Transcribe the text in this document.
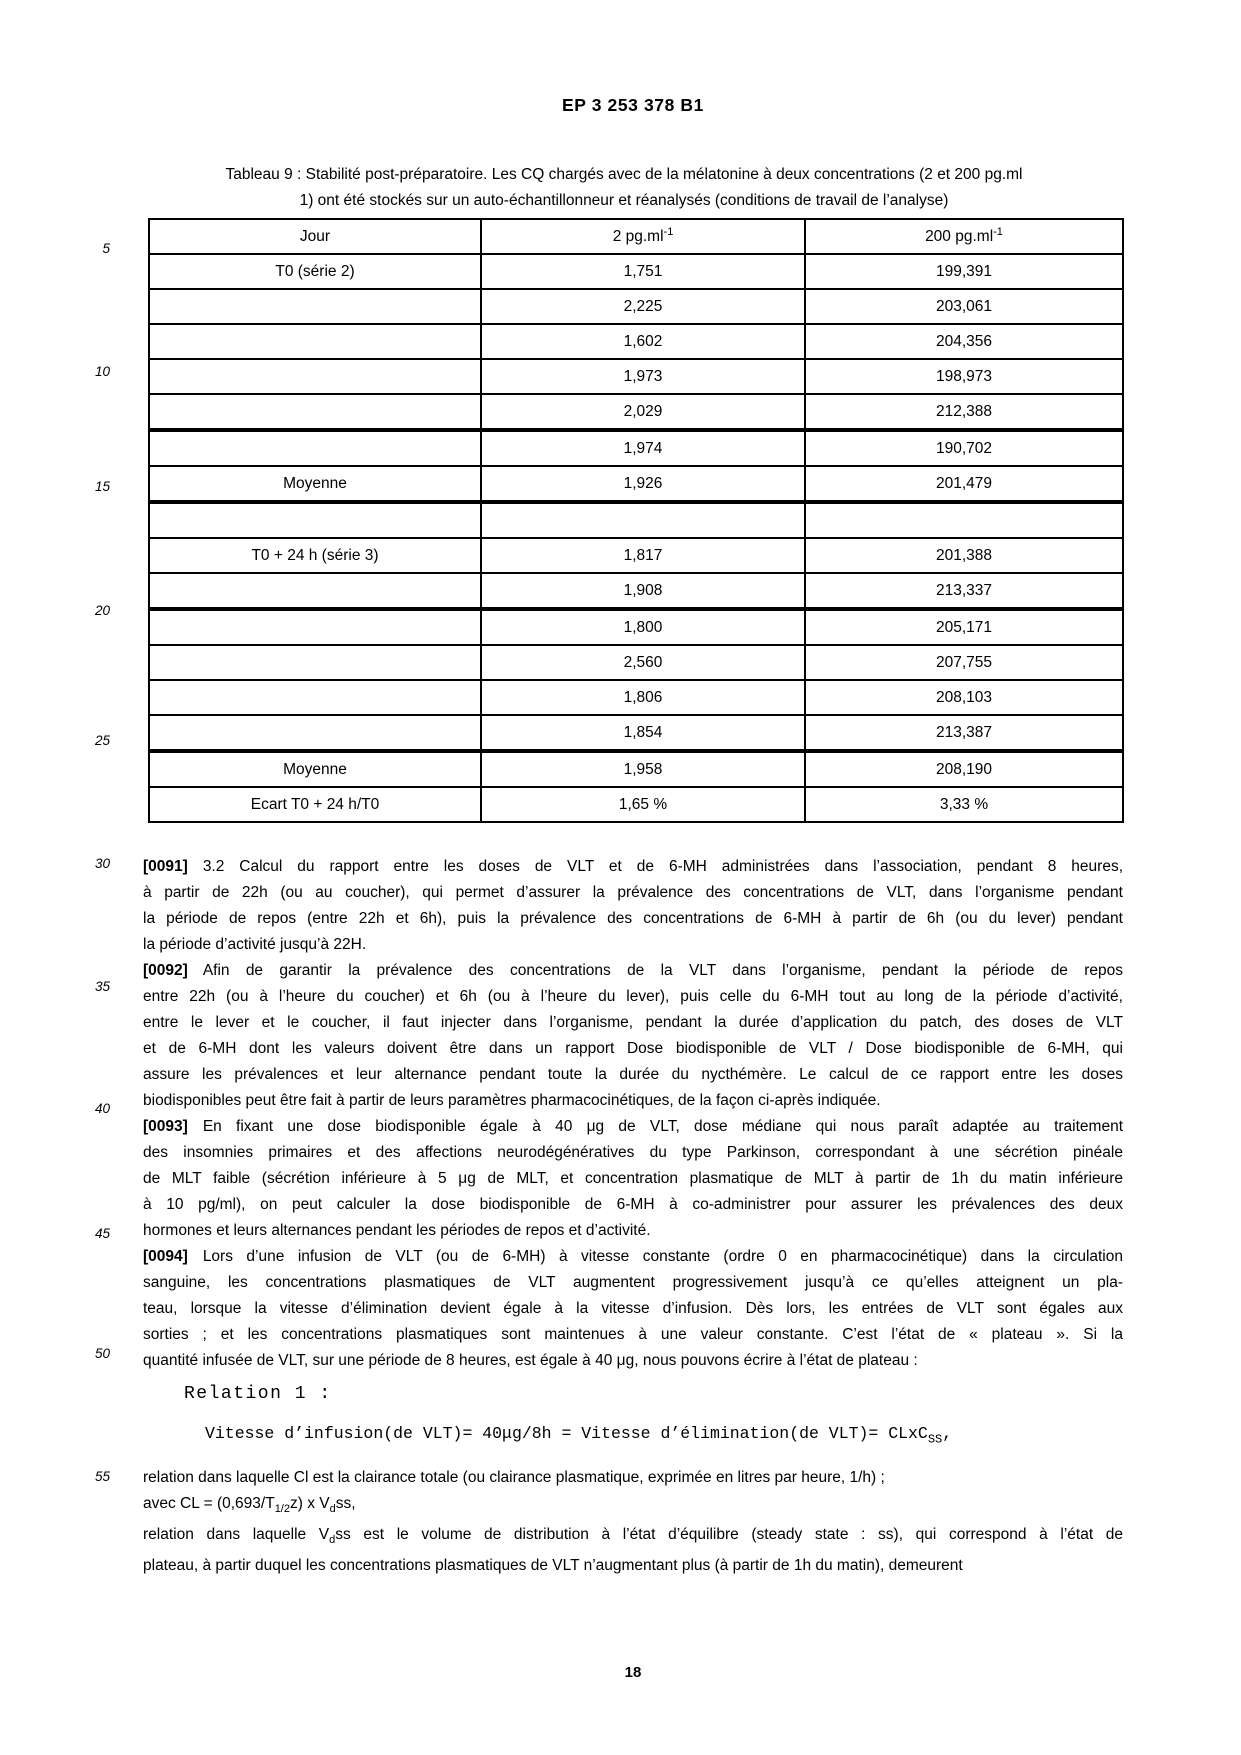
EP 3 253 378 B1
Tableau 9 : Stabilité post-préparatoire. Les CQ chargés avec de la mélatonine à deux concentrations (2 et 200 pg.ml
1) ont été stockés sur un auto-échantillonneur et réanalysés (conditions de travail de l’analyse)
5
10
15
20
25
30
35
40
45
50
55
Jour	2 $pg.ml^{-1}$	200 $pg.ml^{-1}$
T0 (série 2)	1,751	199,391
	2,225	203,061
	1,602	204,356
	1,973	198,973
	2,029	212,388
	1,974	190,702
Moyenne	1,926	201,479

T0 + 24 h (série 3)	1,817	201,388
	1,908	213,337
	1,800	205,171
	2,560	207,755
	1,806	208,103
	1,854	213,387
Moyenne	1,958	208,190
Ecart T0 + 24 h/T0	1,65 %	3,33 %
[0091] 3.2 Calcul du rapport entre les doses de VLT et de 6-MH administrées dans l’association, pendant 8 heures,
à partir de 22h (ou au coucher), qui permet d’assurer la prévalence des concentrations de VLT, dans l’organisme pendant
la période de repos (entre 22h et 6h), puis la prévalence des concentrations de 6-MH à partir de 6h (ou du lever) pendant
la période d’activité jusqu’à 22H.
[0092] Afin de garantir la prévalence des concentrations de la VLT dans l’organisme, pendant la période de repos
entre 22h (ou à l’heure du coucher) et 6h (ou à l’heure du lever), puis celle du 6-MH tout au long de la période d’activité,
entre le lever et le coucher, il faut injecter dans l’organisme, pendant la durée d’application du patch, des doses de VLT
et de 6-MH dont les valeurs doivent être dans un rapport Dose biodisponible de VLT / Dose biodisponible de 6-MH, qui
assure les prévalences et leur alternance pendant toute la durée du nycthémère. Le calcul de ce rapport entre les doses
biodisponibles peut être fait à partir de leurs paramètres pharmacocinétiques, de la façon ci-après indiquée.
[0093] En fixant une dose biodisponible égale à 40 μg de VLT, dose médiane qui nous paraît adaptée au traitement
des insomnies primaires et des affections neurodégénératives du type Parkinson, correspondant à une sécrétion pinéale
de MLT faible (sécrétion inférieure à 5 μg de MLT, et concentration plasmatique de MLT à partir de 1h du matin inférieure
à 10 pg/ml), on peut calculer la dose biodisponible de 6-MH à co-administrer pour assurer les prévalences des deux
hormones et leurs alternances pendant les périodes de repos et d’activité.
[0094] Lors d’une infusion de VLT (ou de 6-MH) à vitesse constante (ordre 0 en pharmacocinétique) dans la circulation
sanguine, les concentrations plasmatiques de VLT augmentent progressivement jusqu’à ce qu’elles atteignent un pla-
teau, lorsque la vitesse d’élimination devient égale à la vitesse d’infusion. Dès lors, les entrées de VLT sont égales aux
sorties ; et les concentrations plasmatiques sont maintenues à une valeur constante. C’est l’état de « plateau ». Si la
quantité infusée de VLT, sur une période de 8 heures, est égale à 40 μg, nous pouvons écrire à l’état de plateau :
Relation 1 :
Vitesse d’infusion(de VLT)= 40μg/8h = Vitesse d’élimination(de VLT)= CLxC$_{SS}$,
relation dans laquelle Cl est la clairance totale (ou clairance plasmatique, exprimée en litres par heure, 1/h) ;
avec CL = $(0,693/T_{1/2}z)$ x $V_dss$,
relation dans laquelle $V_dss$ est le volume de distribution à l’état d’équilibre (steady state : ss), qui correspond à l’état de
plateau, à partir duquel les concentrations plasmatiques de VLT n’augmentant plus (à partir de 1h du matin), demeurent
18
